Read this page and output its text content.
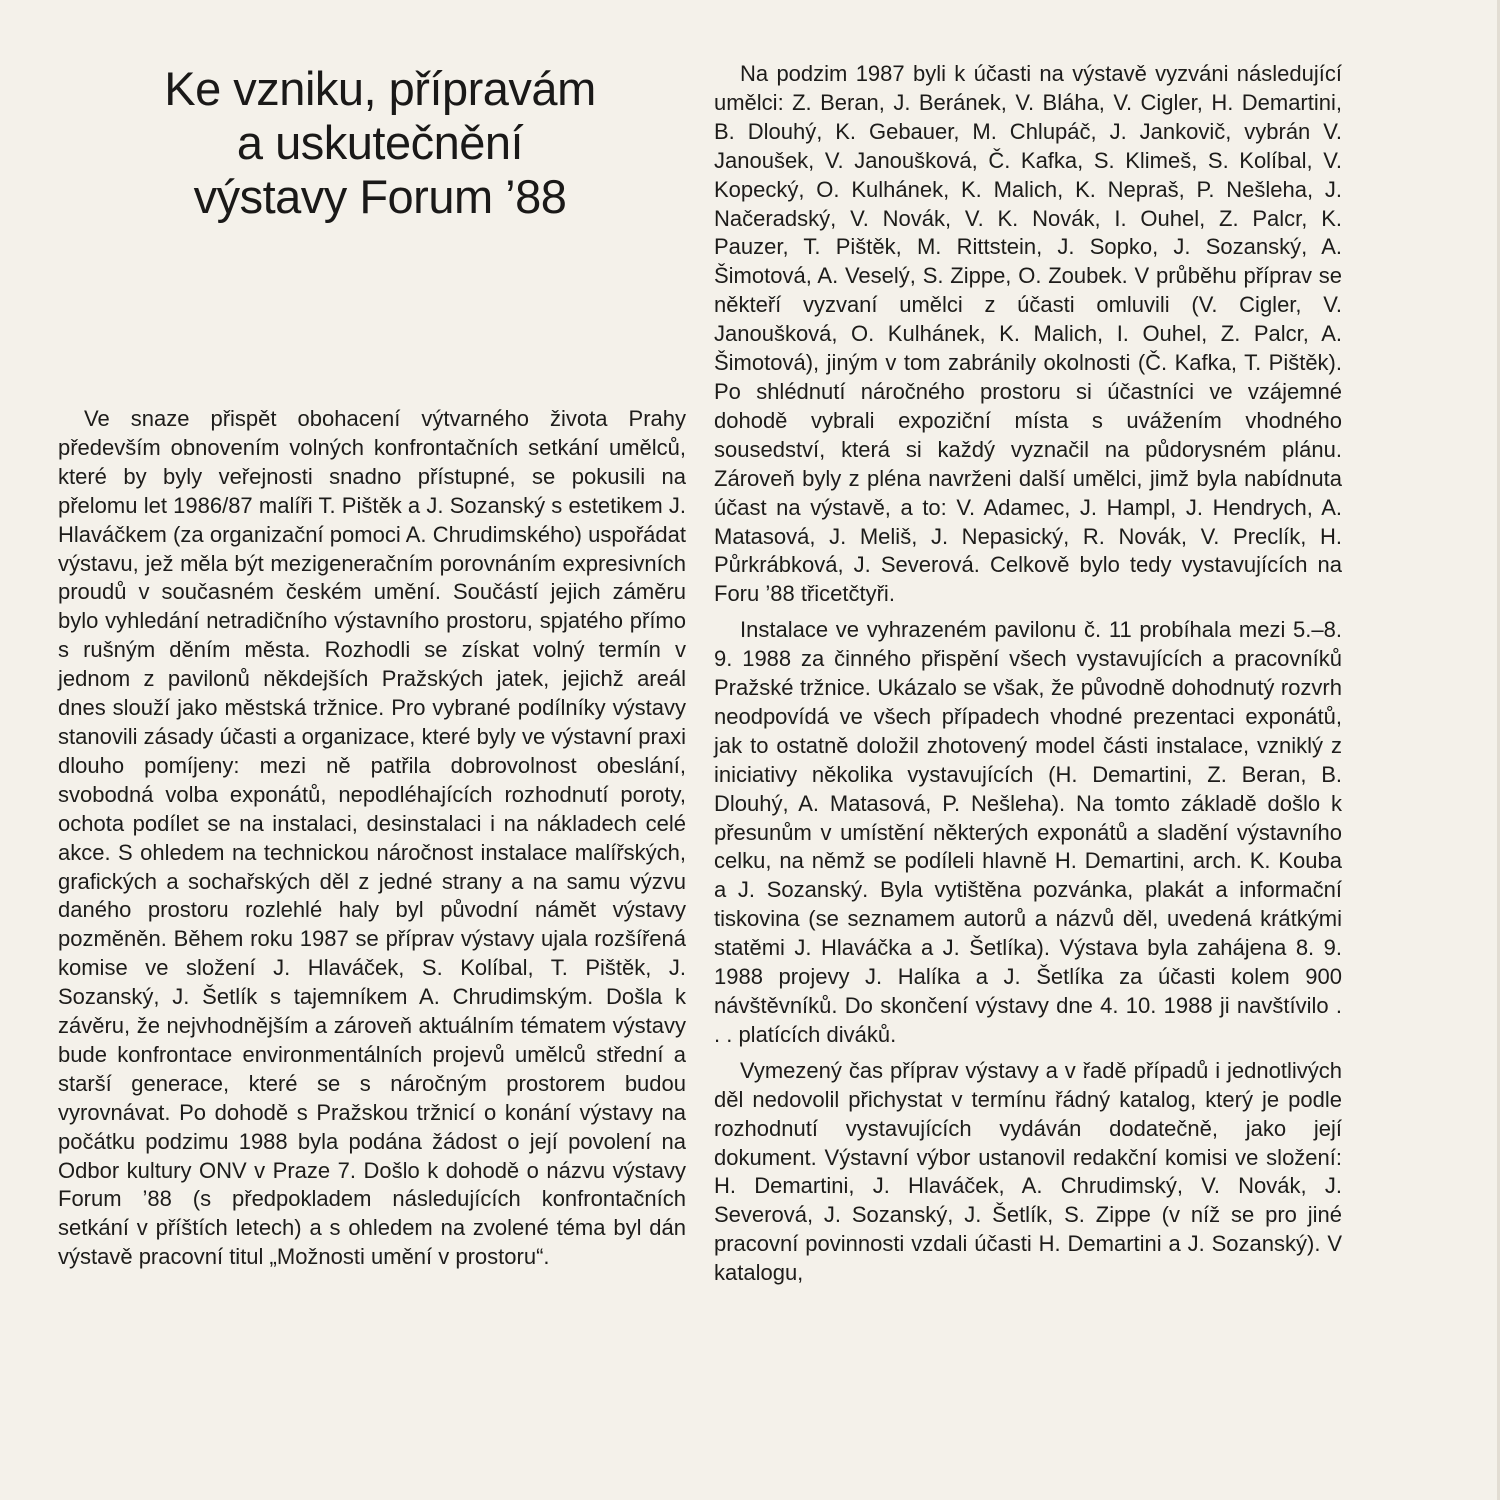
Ke vzniku, přípravám
a uskutečnění
výstavy Forum ’88

Ve snaze přispět obohacení výtvarného života Prahy především obnovením volných konfrontačních setkání umělců, které by byly veřejnosti snadno přístupné, se pokusili na přelomu let 1986/87 malíři T. Pištěk a J. Sozanský s estetikem J. Hlaváčkem (za organizační pomoci A. Chrudimského) uspořádat výstavu, jež měla být mezigeneračním porovnáním expresivních proudů v současném českém umění. Součástí jejich záměru bylo vyhledání netradičního výstavního prostoru, spjatého přímo s rušným děním města. Rozhodli se získat volný termín v jednom z pavilonů někdejších Pražských jatek, jejichž areál dnes slouží jako městská tržnice. Pro vybrané podílníky výstavy stanovili zásady účasti a organizace, které byly ve výstavní praxi dlouho pomíjeny: mezi ně patřila dobrovolnost obeslání, svobodná volba exponátů, nepodléhajících rozhodnutí poroty, ochota podílet se na instalaci, desinstalaci i na nákladech celé akce. S ohledem na technickou náročnost instalace malířských, grafických a sochařských děl z jedné strany a na samu výzvu daného prostoru rozlehlé haly byl původní námět výstavy pozměněn. Během roku 1987 se příprav výstavy ujala rozšířená komise ve složení J. Hlaváček, S. Kolíbal, T. Pištěk, J. Sozanský, J. Šetlík s tajemníkem A. Chrudimským. Došla k závěru, že nejvhodnějším a zároveň aktuálním tématem výstavy bude konfrontace environmentálních projevů umělců střední a starší generace, které se s náročným prostorem budou vyrovnávat. Po dohodě s Pražskou tržnicí o konání výstavy na počátku podzimu 1988 byla podána žádost o její povolení na Odbor kultury ONV v Praze 7. Došlo k dohodě o názvu výstavy Forum ’88 (s předpokladem následujících konfrontačních setkání v příštích letech) a s ohledem na zvolené téma byl dán výstavě pracovní titul „Možnosti umění v prostoru“.

Na podzim 1987 byli k účasti na výstavě vyzváni následující umělci: Z. Beran, J. Beránek, V. Bláha, V. Cigler, H. Demartini, B. Dlouhý, K. Gebauer, M. Chlupáč, J. Jankovič, vybrán V. Janoušek, V. Janoušková, Č. Kafka, S. Klimeš, S. Kolíbal, V. Kopecký, O. Kulhánek, K. Malich, K. Nepraš, P. Nešleha, J. Načeradský, V. Novák, V. K. Novák, I. Ouhel, Z. Palcr, K. Pauzer, T. Pištěk, M. Rittstein, J. Sopko, J. Sozanský, A. Šimotová, A. Veselý, S. Zippe, O. Zoubek. V průběhu příprav se někteří vyzvaní umělci z účasti omluvili (V. Cigler, V. Janoušková, O. Kulhánek, K. Malich, I. Ouhel, Z. Palcr, A. Šimotová), jiným v tom zabránily okolnosti (Č. Kafka, T. Pištěk). Po shlédnutí náročného prostoru si účastníci ve vzájemné dohodě vybrali expoziční místa s uvážením vhodného sousedství, která si každý vyznačil na půdorysném plánu. Zároveň byly z pléna navrženi další umělci, jimž byla nabídnuta účast na výstavě, a to: V. Adamec, J. Hampl, J. Hendrych, A. Matasová, J. Meliš, J. Nepasický, R. Novák, V. Preclík, H. Půrkrábková, J. Severová. Celkově bylo tedy vystavujících na Foru ’88 třicetčtyři.

Instalace ve vyhrazeném pavilonu č. 11 probíhala mezi 5.–8. 9. 1988 za činného přispění všech vystavujících a pracovníků Pražské tržnice. Ukázalo se však, že původně dohodnutý rozvrh neodpovídá ve všech případech vhodné prezentaci exponátů, jak to ostatně doložil zhotovený model části instalace, vzniklý z iniciativy několika vystavujících (H. Demartini, Z. Beran, B. Dlouhý, A. Matasová, P. Nešleha). Na tomto základě došlo k přesunům v umístění některých exponátů a sladění výstavního celku, na němž se podíleli hlavně H. Demartini, arch. K. Kouba a J. Sozanský. Byla vytištěna pozvánka, plakát a informační tiskovina (se seznamem autorů a názvů děl, uvedená krátkými statěmi J. Hlaváčka a J. Šetlíka). Výstava byla zahájena 8. 9. 1988 projevy J. Halíka a J. Šetlíka za účasti kolem 900 návštěvníků. Do skončení výstavy dne 4. 10. 1988 ji navštívilo . . . platících diváků.

Vymezený čas příprav výstavy a v řadě případů i jednotlivých děl nedovolil přichystat v termínu řádný katalog, který je podle rozhodnutí vystavujících vydáván dodatečně, jako její dokument. Výstavní výbor ustanovil redakční komisi ve složení: H. Demartini, J. Hlaváček, A. Chrudimský, V. Novák, J. Severová, J. Sozanský, J. Šetlík, S. Zippe (v níž se pro jiné pracovní povinnosti vzdali účasti H. Demartini a J. Sozanský). V katalogu,
